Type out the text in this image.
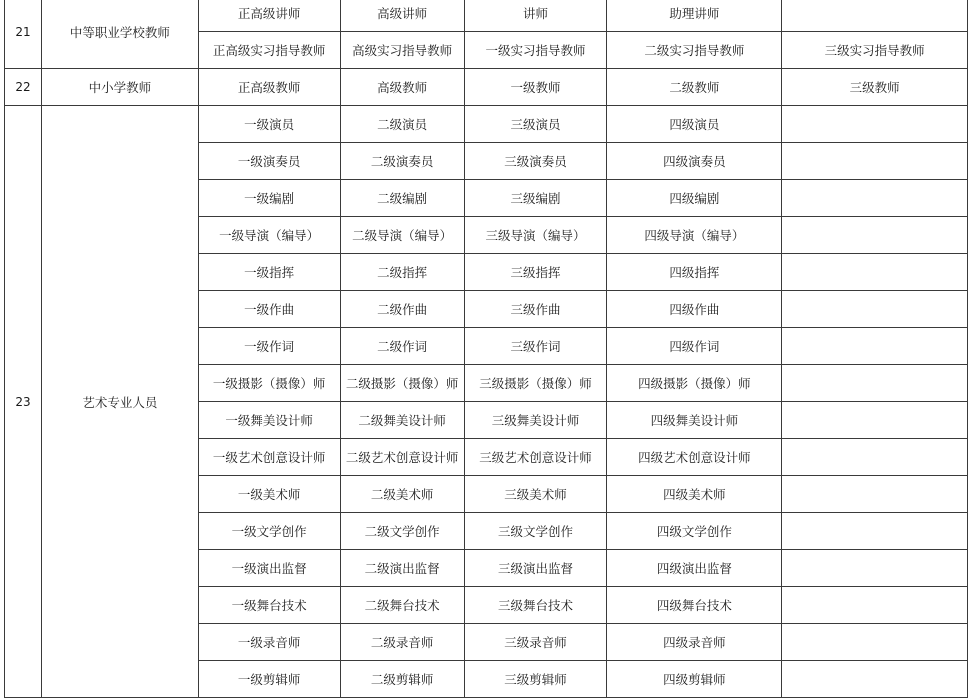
21	中等职业学校教师	正高级讲师	高级讲师	讲师	助理讲师	
		正高级实习指导教师	高级实习指导教师	一级实习指导教师	二级实习指导教师	三级实习指导教师
22	中小学教师	正高级教师	高级教师	一级教师	二级教师	三级教师
23	艺术专业人员	一级演员	二级演员	三级演员	四级演员	
		一级演奏员	二级演奏员	三级演奏员	四级演奏员	
		一级编剧	二级编剧	三级编剧	四级编剧	
		一级导演（编导）	二级导演（编导）	三级导演（编导）	四级导演（编导）	
		一级指挥	二级指挥	三级指挥	四级指挥	
		一级作曲	二级作曲	三级作曲	四级作曲	
		一级作词	二级作词	三级作词	四级作词	
		一级摄影（摄像）师	二级摄影（摄像）师	三级摄影（摄像）师	四级摄影（摄像）师	
		一级舞美设计师	二级舞美设计师	三级舞美设计师	四级舞美设计师	
		一级艺术创意设计师	二级艺术创意设计师	三级艺术创意设计师	四级艺术创意设计师	
		一级美术师	二级美术师	三级美术师	四级美术师	
		一级文学创作	二级文学创作	三级文学创作	四级文学创作	
		一级演出监督	二级演出监督	三级演出监督	四级演出监督	
		一级舞台技术	二级舞台技术	三级舞台技术	四级舞台技术	
		一级录音师	二级录音师	三级录音师	四级录音师	
		一级剪辑师	二级剪辑师	三级剪辑师	四级剪辑师	
